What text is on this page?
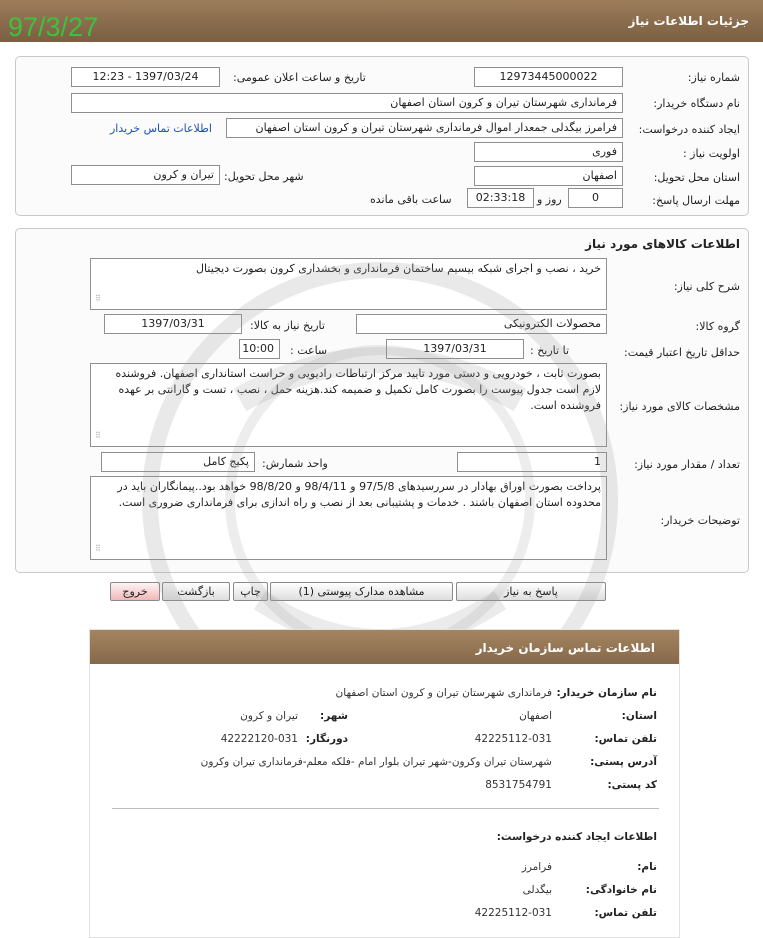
جزئیات اطلاعات نیاز
97/3/27
شماره نیاز:
12973445000022
تاریخ و ساعت اعلان عمومی:
1397/03/24 - 12:23
نام دستگاه خریدار:
فرمانداری شهرستان تیران و کرون استان اصفهان
ایجاد کننده درخواست:
فرامرز بیگدلی جمعدار اموال فرمانداری شهرستان تیران و کرون استان اصفهان
اطلاعات تماس خریدار
اولویت نیاز :
فوری
استان محل تحویل:
اصفهان
شهر محل تحویل:
تیران و کرون
مهلت ارسال پاسخ:
0
روز و
02:33:18
ساعت باقی مانده
اطلاعات کالاهای مورد نیاز
شرح کلی نیاز:
خرید ، نصب و اجرای شبکه بیسیم ساختمان فرمانداری و بخشداری کرون بصورت دیجیتال
⠿
گروه کالا:
محصولات الکترونیکی
تاریخ نیاز به کالا:
1397/03/31
حداقل تاریخ اعتبار قیمت:
تا تاریخ :
1397/03/31
ساعت :
10:00
مشخصات کالای مورد نیاز:
بصورت ثابت ، خودرویی و دستی مورد تایید مرکز ارتباطات رادیویی و حراست استانداری اصفهان. فروشنده لازم است جدول پیوست را بصورت کامل تکمیل و ضمیمه کند.هزینه حمل ، نصب ، تست و گارانتی بر عهده فروشنده است.
⠿
تعداد / مقدار مورد نیاز:
1
واحد شمارش:
پکیج کامل
توضیحات خریدار:
پرداخت بصورت اوراق بهادار در سررسیدهای 97/5/8 و 98/4/11 و 98/8/20 خواهد بود..پیمانگاران باید در محدوده استان اصفهان باشند . خدمات و پشتیبانی بعد از نصب و راه اندازی برای فرمانداری ضروری است.
⠿
پاسخ به نیاز
مشاهده مدارک پیوستی (1)
چاپ
بازگشت
خروج
اطلاعات تماس سازمان خریدار
نام سازمان خریدار:
فرمانداری شهرستان تیران و کرون استان اصفهان
استان:
اصفهان
شهر:
تیران و کرون
تلفن تماس:
42225112-031
دورنگار:
42222120-031
آدرس پستی:
شهرستان تیران وکرون-شهر تیران بلوار امام -فلکه معلم-فرمانداری تیران وکرون
کد پستی:
8531754791
اطلاعات ایجاد کننده درخواست:
نام:
فرامرز
نام خانوادگی:
بیگدلی
تلفن تماس:
42225112-031
